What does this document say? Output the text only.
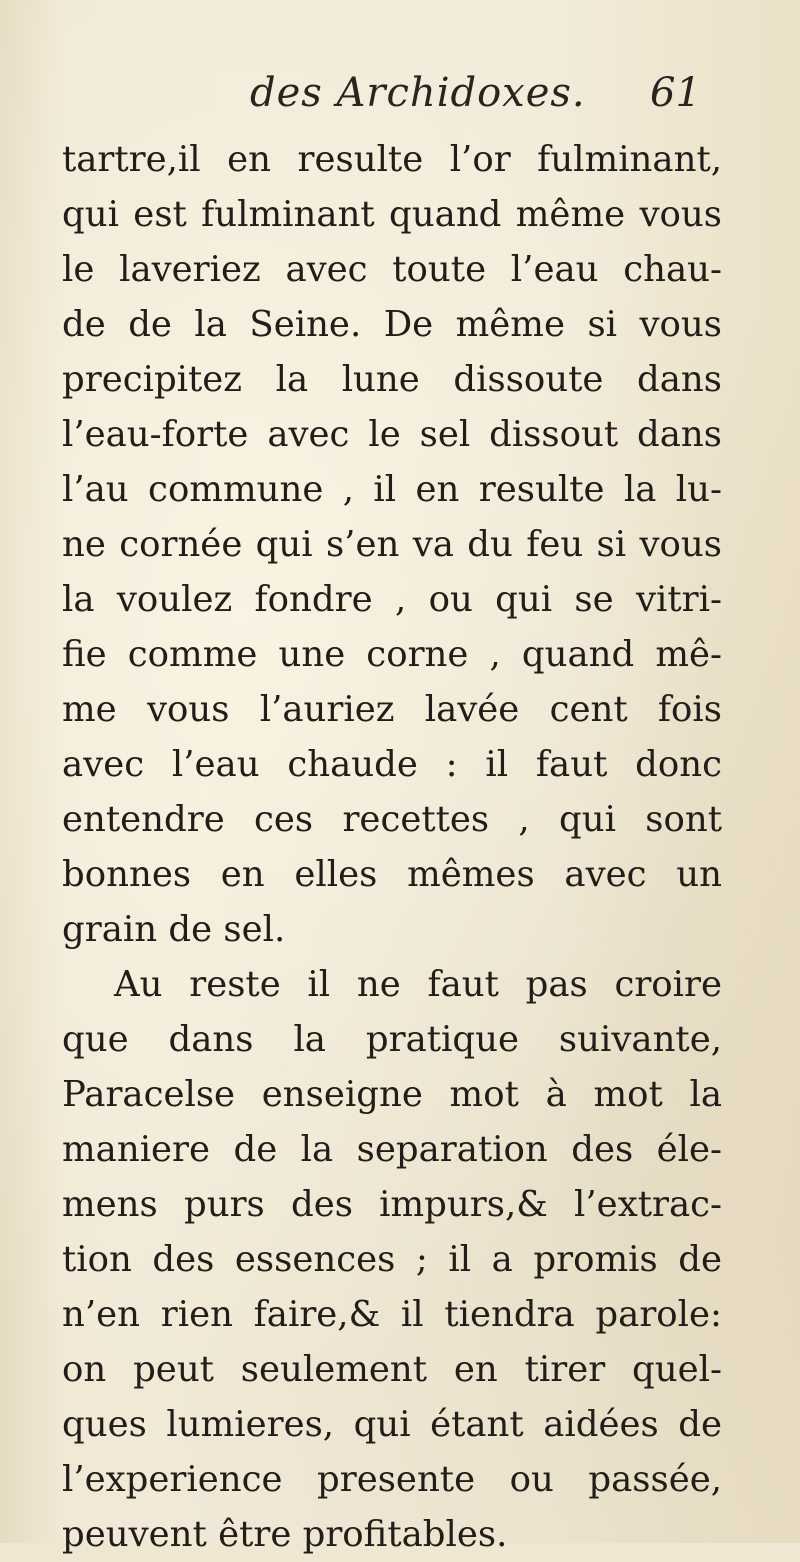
des Archidoxes. 61
tartre,il en resulte l’or fulminant,
qui est fulminant quand même vous
le laveriez avec toute l’eau chau-
de de la Seine. De même si vous
precipitez la lune dissoute dans
l’eau-forte avec le sel dissout dans
l’au commune , il en resulte la lu-
ne cornée qui s’en va du feu si vous
la voulez fondre , ou qui se vitri-
fie comme une corne , quand mê-
me vous l’auriez lavée cent fois
avec l’eau chaude : il faut donc
entendre ces recettes , qui sont
bonnes en elles mêmes avec un
grain de sel.
Au reste il ne faut pas croire
que dans la pratique suivante,
Paracelse enseigne mot à mot la
maniere de la separation des éle-
mens purs des impurs,& l’extrac-
tion des essences ; il a promis de
n’en rien faire,& il tiendra parole:
on peut seulement en tirer quel-
ques lumieres, qui étant aidées de
l’experience presente ou passée,
peuvent être profitables.
